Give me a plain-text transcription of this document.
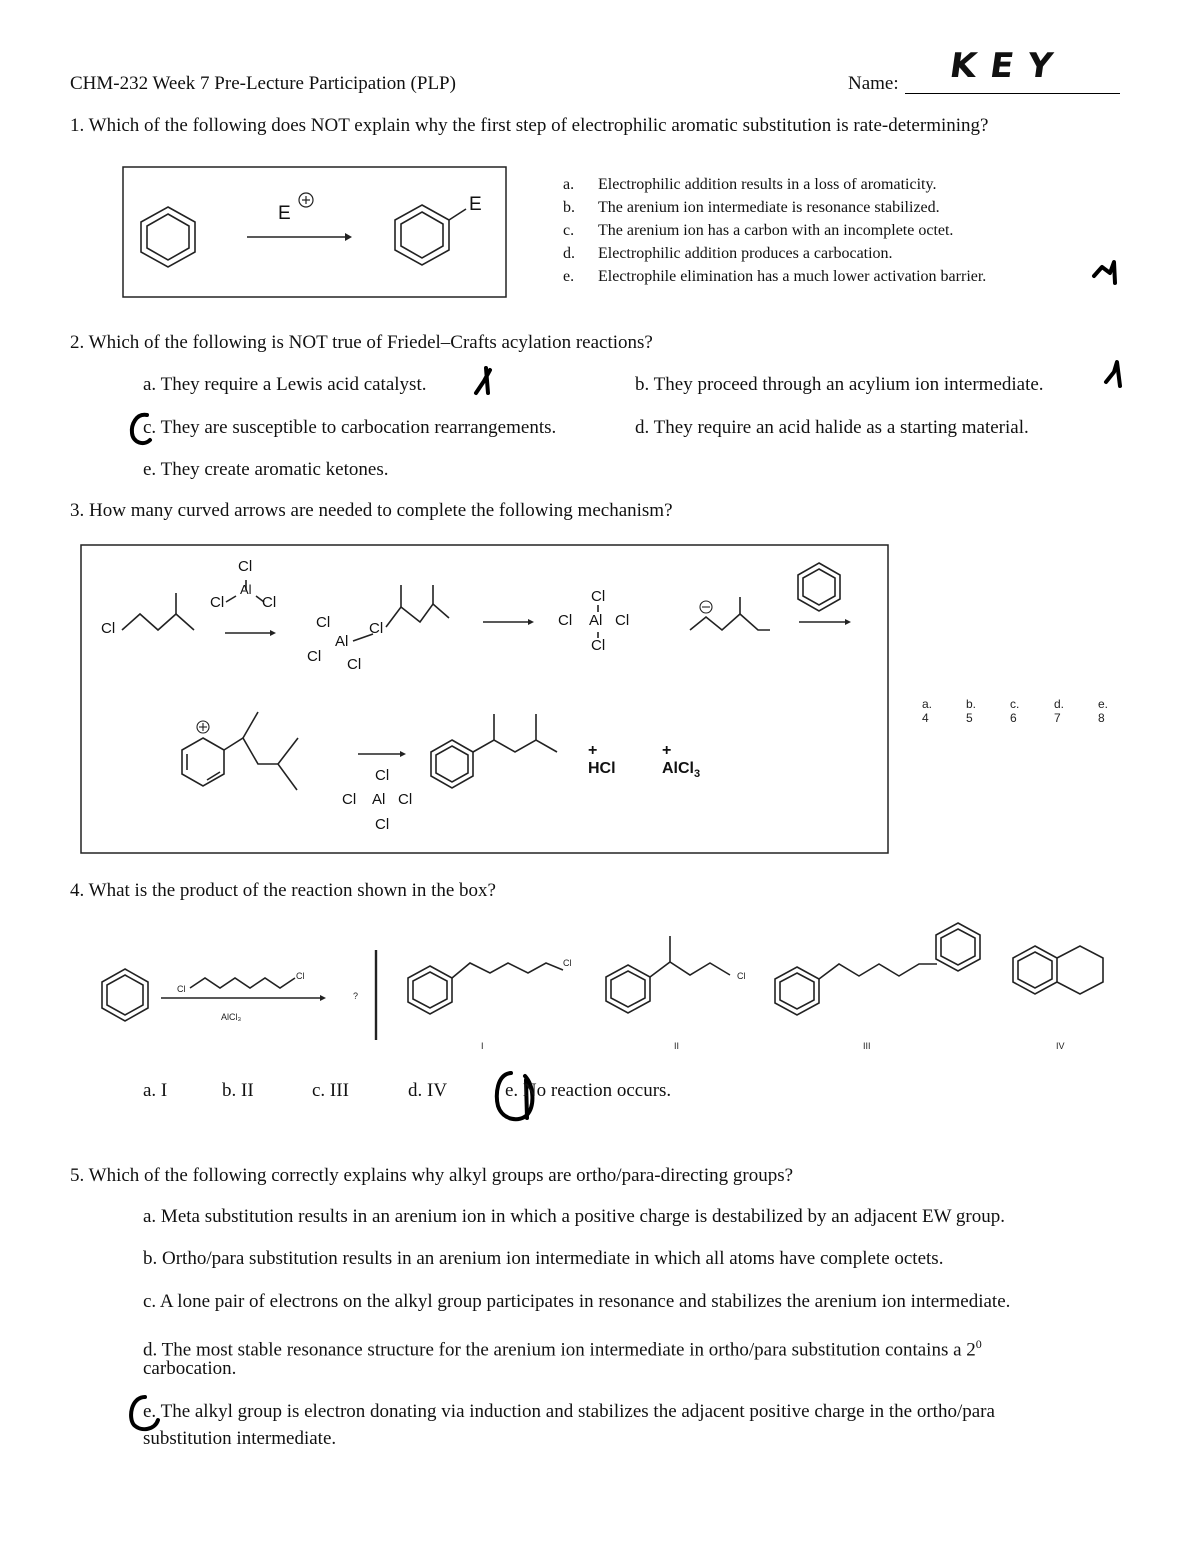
CHM-232 Week 7 Pre-Lecture Participation (PLP)	Name: KEY
1. Which of the following does NOT explain why the first step of electrophilic aromatic substitution is rate-determining?
E	E
a. Electrophilic addition results in a loss of aromaticity.
b. The arenium ion intermediate is resonance stabilized.
c. The arenium ion has a carbon with an incomplete octet.
d. Electrophilic addition produces a carbocation.
e. Electrophile elimination has a much lower activation barrier.
2. Which of the following is NOT true of Friedel–Crafts acylation reactions?
a. They require a Lewis acid catalyst.	b. They proceed through an acylium ion intermediate.
c. They are susceptible to carbocation rearrangements.	d. They require an acid halide as a starting material.
e. They create aromatic ketones.
3. How many curved arrows are needed to complete the following mechanism?
Cl
Cl
Al
Cl	Cl
Cl
Al
Cl
Cl Cl
Cl
Cl Al Cl
Cl
Cl
Cl Al Cl
Cl
+ HCl
+ AlCl$_3$
a. 4
b. 5
c. 6
d. 7
e. 8
4. What is the product of the reaction shown in the box?
Cl
Cl
AlCl₃
?
Cl
Cl
I	II	III	IV
a. I	b. II	c. III	d. IV	e. No reaction occurs.
5. Which of the following correctly explains why alkyl groups are ortho/para-directing groups?
a. Meta substitution results in an arenium ion in which a positive charge is destabilized by an adjacent EW group.
b. Ortho/para substitution results in an arenium ion intermediate in which all atoms have complete octets.
c. A lone pair of electrons on the alkyl group participates in resonance and stabilizes the arenium ion intermediate.
d. The most stable resonance structure for the arenium ion intermediate in ortho/para substitution contains a $2^0$
carbocation.
e. The alkyl group is electron donating via induction and stabilizes the adjacent positive charge in the ortho/para
substitution intermediate.
